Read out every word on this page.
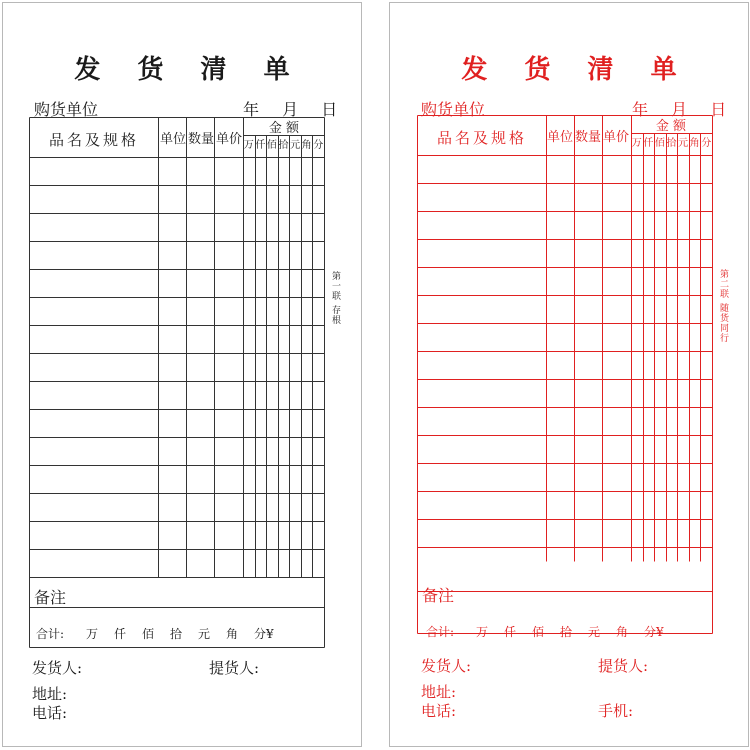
发 货 清 单
购货单位	年 月 日
品名及规格	单位 数量 单价
金 额
万 仟 佰 拾 元 角 分
备注
合计: 万 仟 佰 拾 元 角 分¥
第一联 存根
发货人:	提货人:
地址:
电话:
发 货 清 单
购货单位	年 月 日
品名及规格	单位 数量 单价
金 额
万 仟 佰 拾 元 角 分
备注
合计: 万 仟 佰 拾 元 角 分¥
第二联 随货同行
发货人:	提货人:
地址:
电话:	手机:
